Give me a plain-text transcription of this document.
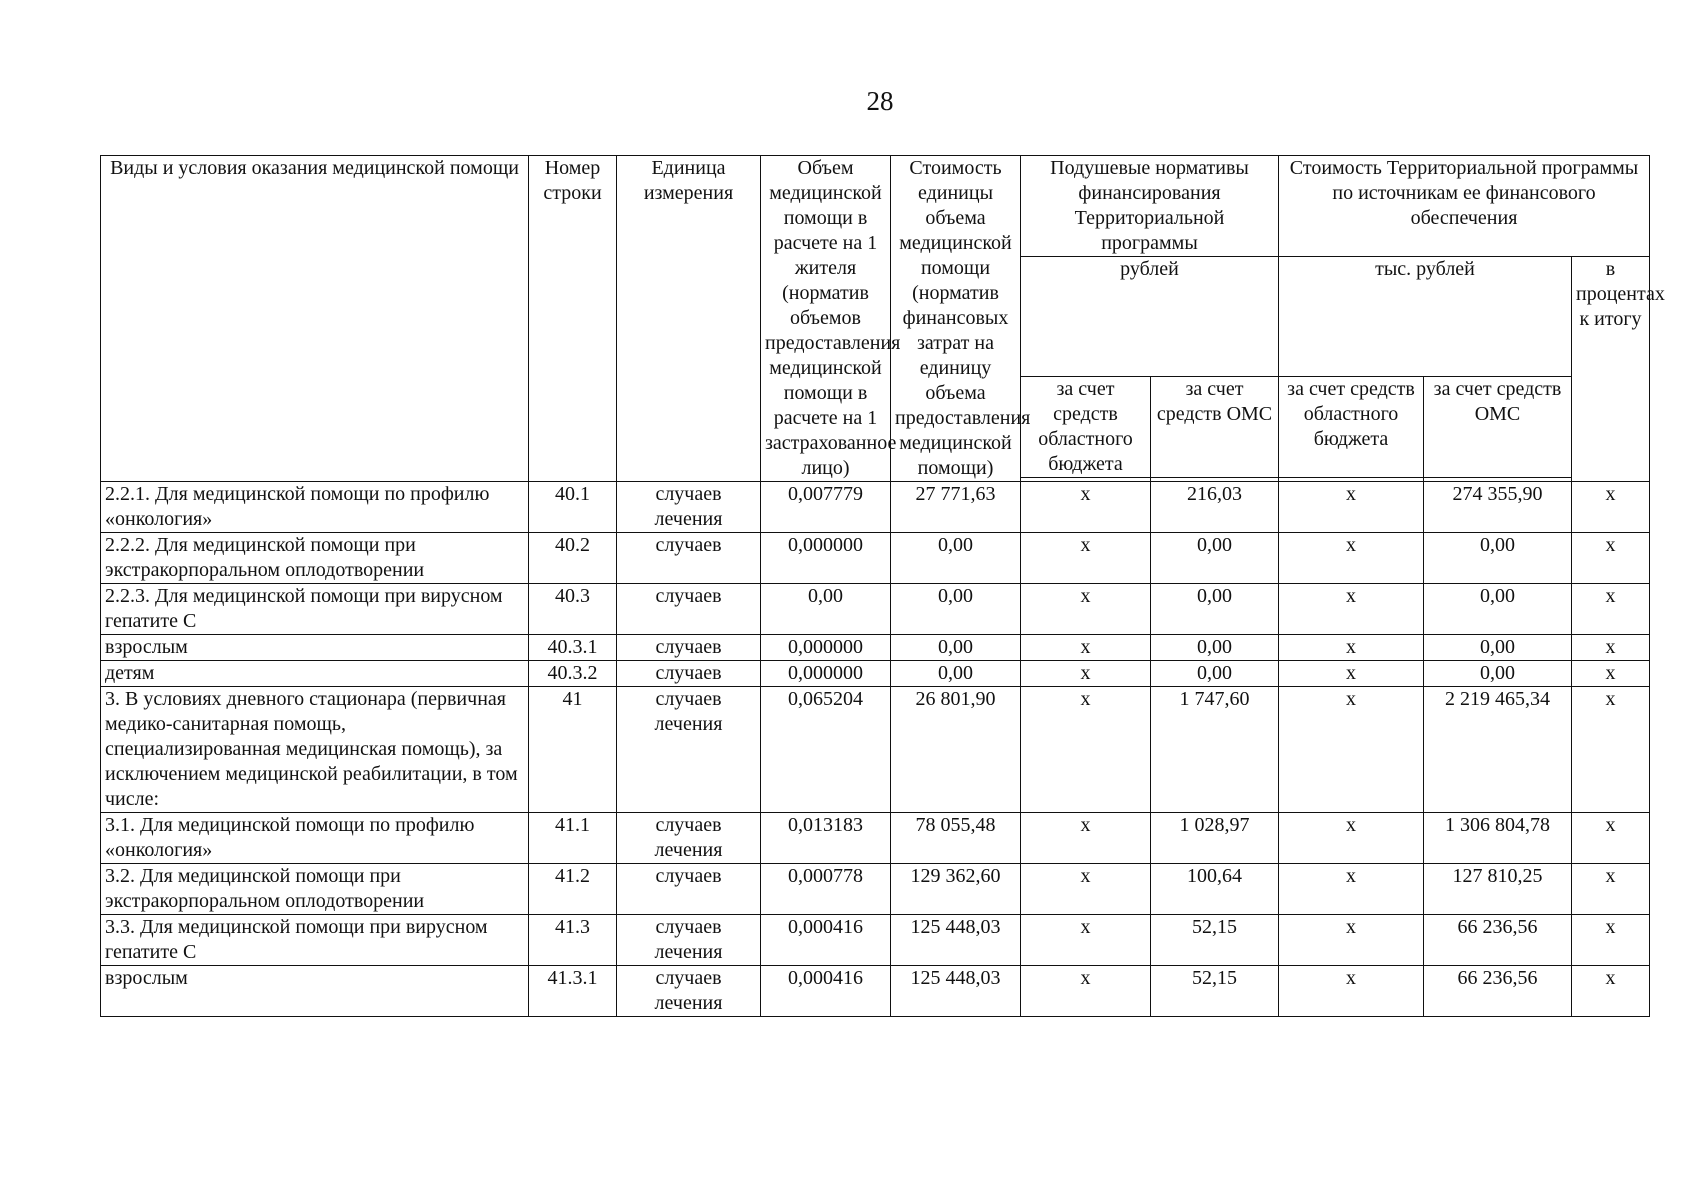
28
Виды и условия оказания медицинской помощи	Номер строки	Единица измерения	Объем медицинской помощи в расчете на 1 жителя (норматив объемов предоставления медицинской помощи в расчете на 1 застрахованное лицо)	Стоимость единицы объема медицинской помощи (норматив финансовых затрат на единицу объема предоставления медицинской помощи)	Подушевые нормативы финансирования Территориальной программы		Стоимость Территориальной программы по источникам ее финансового обеспечения		
					рублей		тыс. рублей		в процентах к итогу
					за счет средств областного бюджета	за счет средств ОМС	за счет средств областного бюджета	за счет средств ОМС	

2.2.1. Для медицинской помощи по профилю «онкология»	40.1	случаев лечения	0,007779	27 771,63	х	216,03	х	274 355,90	х
2.2.2. Для медицинской помощи при экстракорпоральном оплодотворении	40.2	случаев	0,000000	0,00	х	0,00	х	0,00	х
2.2.3. Для медицинской помощи при вирусном гепатите С	40.3	случаев	0,00	0,00	х	0,00	х	0,00	х
взрослым	40.3.1	случаев	0,000000	0,00	х	0,00	х	0,00	х
детям	40.3.2	случаев	0,000000	0,00	х	0,00	х	0,00	х
3. В условиях дневного стационара (первичная медико-санитарная помощь, специализированная медицинская помощь), за исключением медицинской реабилитации, в том числе:	41	случаев лечения	0,065204	26 801,90	х	1 747,60	х	2 219 465,34	х
3.1. Для медицинской помощи по профилю «онкология»	41.1	случаев лечения	0,013183	78 055,48	х	1 028,97	х	1 306 804,78	х
3.2. Для медицинской помощи при экстракорпоральном оплодотворении	41.2	случаев	0,000778	129 362,60	х	100,64	х	127 810,25	х
3.3. Для медицинской помощи при вирусном гепатите С	41.3	случаев лечения	0,000416	125 448,03	х	52,15	х	66 236,56	х
взрослым	41.3.1	случаев лечения	0,000416	125 448,03	х	52,15	х	66 236,56	х
